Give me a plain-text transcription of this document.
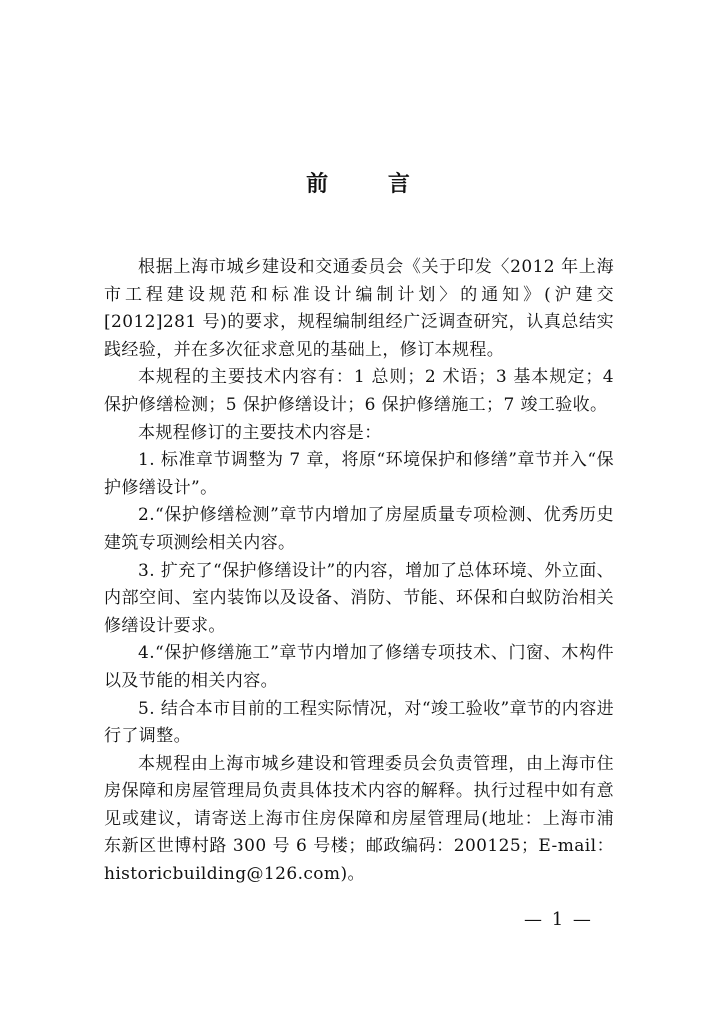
前 言

根据上海市城乡建设和交通委员会《关于印发〈2012 年上海市工程建设规范和标准设计编制计划〉的通知》(沪建交[2012]281 号)的要求，规程编制组经广泛调查研究，认真总结实践经验，并在多次征求意见的基础上，修订本规程。

本规程的主要技术内容有：1 总则；2 术语；3 基本规定；4 保护修缮检测；5 保护修缮设计；6 保护修缮施工；7 竣工验收。

本规程修订的主要技术内容是：

1. 标准章节调整为 7 章，将原“环境保护和修缮”章节并入“保护修缮设计”。

2.“保护修缮检测”章节内增加了房屋质量专项检测、优秀历史建筑专项测绘相关内容。

3. 扩充了“保护修缮设计”的内容，增加了总体环境、外立面、内部空间、室内装饰以及设备、消防、节能、环保和白蚁防治相关修缮设计要求。

4.“保护修缮施工”章节内增加了修缮专项技术、门窗、木构件以及节能的相关内容。

5. 结合本市目前的工程实际情况，对“竣工验收”章节的内容进行了调整。

本规程由上海市城乡建设和管理委员会负责管理，由上海市住房保障和房屋管理局负责具体技术内容的解释。执行过程中如有意见或建议，请寄送上海市住房保障和房屋管理局(地址：上海市浦东新区世博村路 300 号 6 号楼；邮政编码：200125；E-mail：historicbuilding@126.com)。

— 1 —
